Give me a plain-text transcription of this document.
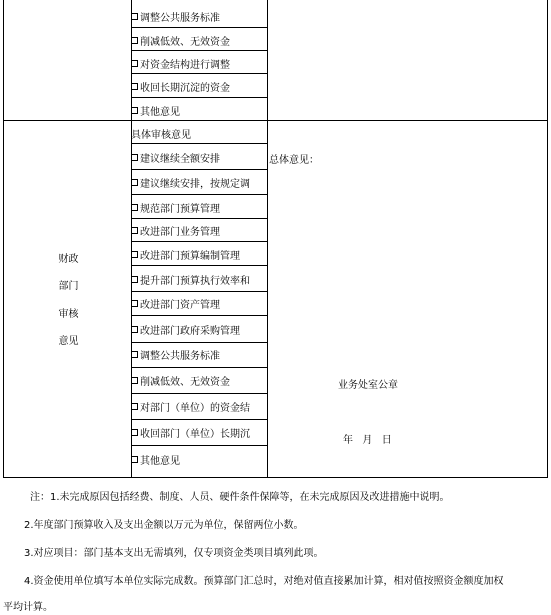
调整公共服务标准
削减低效、无效资金
对资金结构进行调整
收回长期沉淀的资金
其他意见
财政
部门
审核
意见
具体审核意见
建议继续全额安排
建议继续安排，按规定调
规范部门预算管理
改进部门业务管理
改进部门预算编制管理
提升部门预算执行效率和
改进部门资产管理
改进部门政府采购管理
调整公共服务标准
削减低效、无效资金
对部门（单位）的资金结
收回部门（单位）长期沉
其他意见
总体意见：
业务处室公章
年  月  日
注：1.未完成原因包括经费、制度、人员、硬件条件保障等，在未完成原因及改进措施中说明。
2.年度部门预算收入及支出金额以万元为单位，保留两位小数。
3.对应项目：部门基本支出无需填列，仅专项资金类项目填列此项。
4.资金使用单位填写本单位实际完成数。预算部门汇总时，对绝对值直接累加计算，相对值按照资金额度加权
平均计算。
